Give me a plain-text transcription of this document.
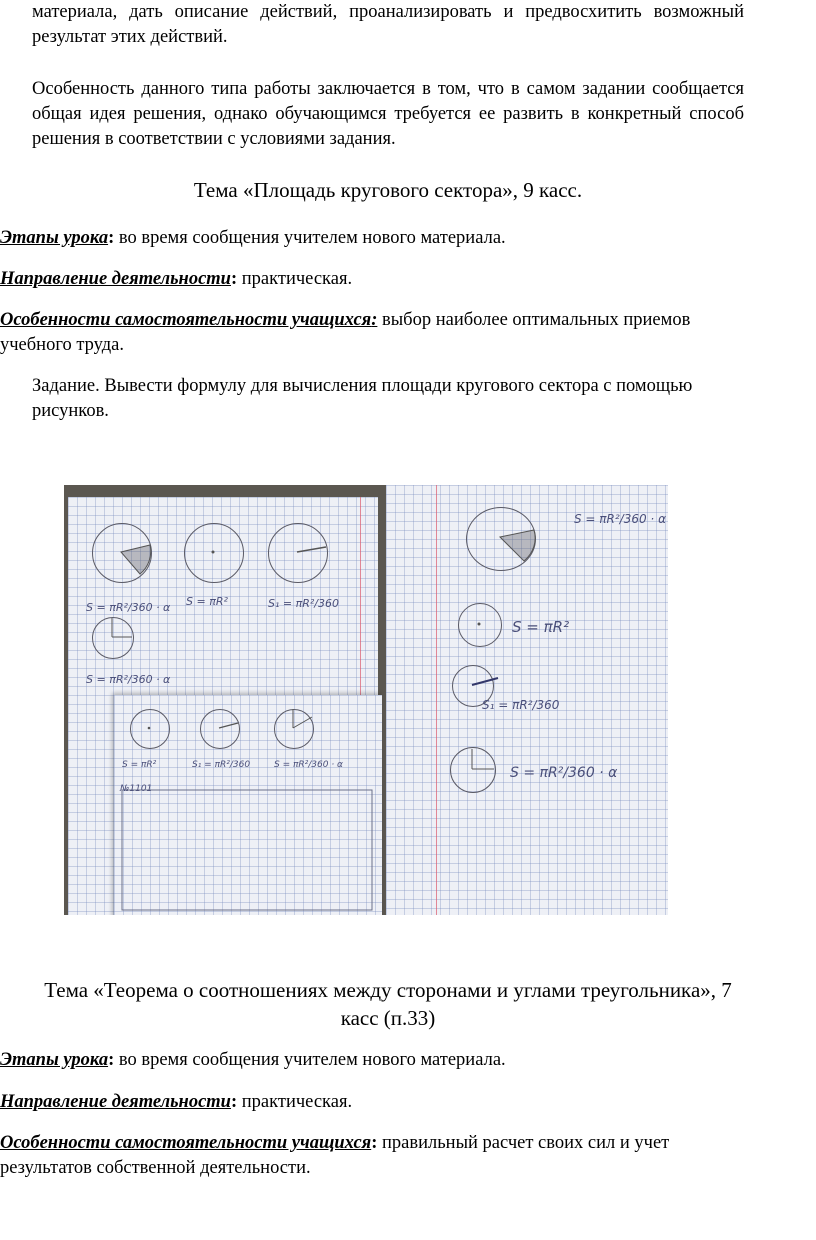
материала, дать описание действий, проанализировать и предвосхитить возможный результат этих действий.

Особенность данного типа работы заключается в том, что в самом задании сообщается общая идея решения, однако обучающимся требуется ее развить в конкретный способ решения в соответствии с условиями задания.

Тема «Площадь кругового сектора», 9 касс.

Этапы урока: во время сообщения учителем нового материала.

Направление деятельности: практическая.

Особенности самостоятельности учащихся: выбор наиболее оптимальных приемов учебного труда.

Задание. Вывести формулу для вычисления площади кругового сектора с помощью рисунков.

S = πR²/360 · α S = πR²	S₁ = πR²/360
S = πR²/360 · α
S = πR²/360 · α
S = πR²
S₁ = πR²/360
S = πR²/360 · α
S = πR²	S₁ = πR²/360	S = πR²/360 · α
№1101

Тема «Теорема о соотношениях между сторонами и углами треугольника», 7 касс (п.33)

Этапы урока: во время сообщения учителем нового материала.

Направление деятельности: практическая.

Особенности самостоятельности учащихся: правильный расчет своих сил и учет результатов собственной деятельности.
